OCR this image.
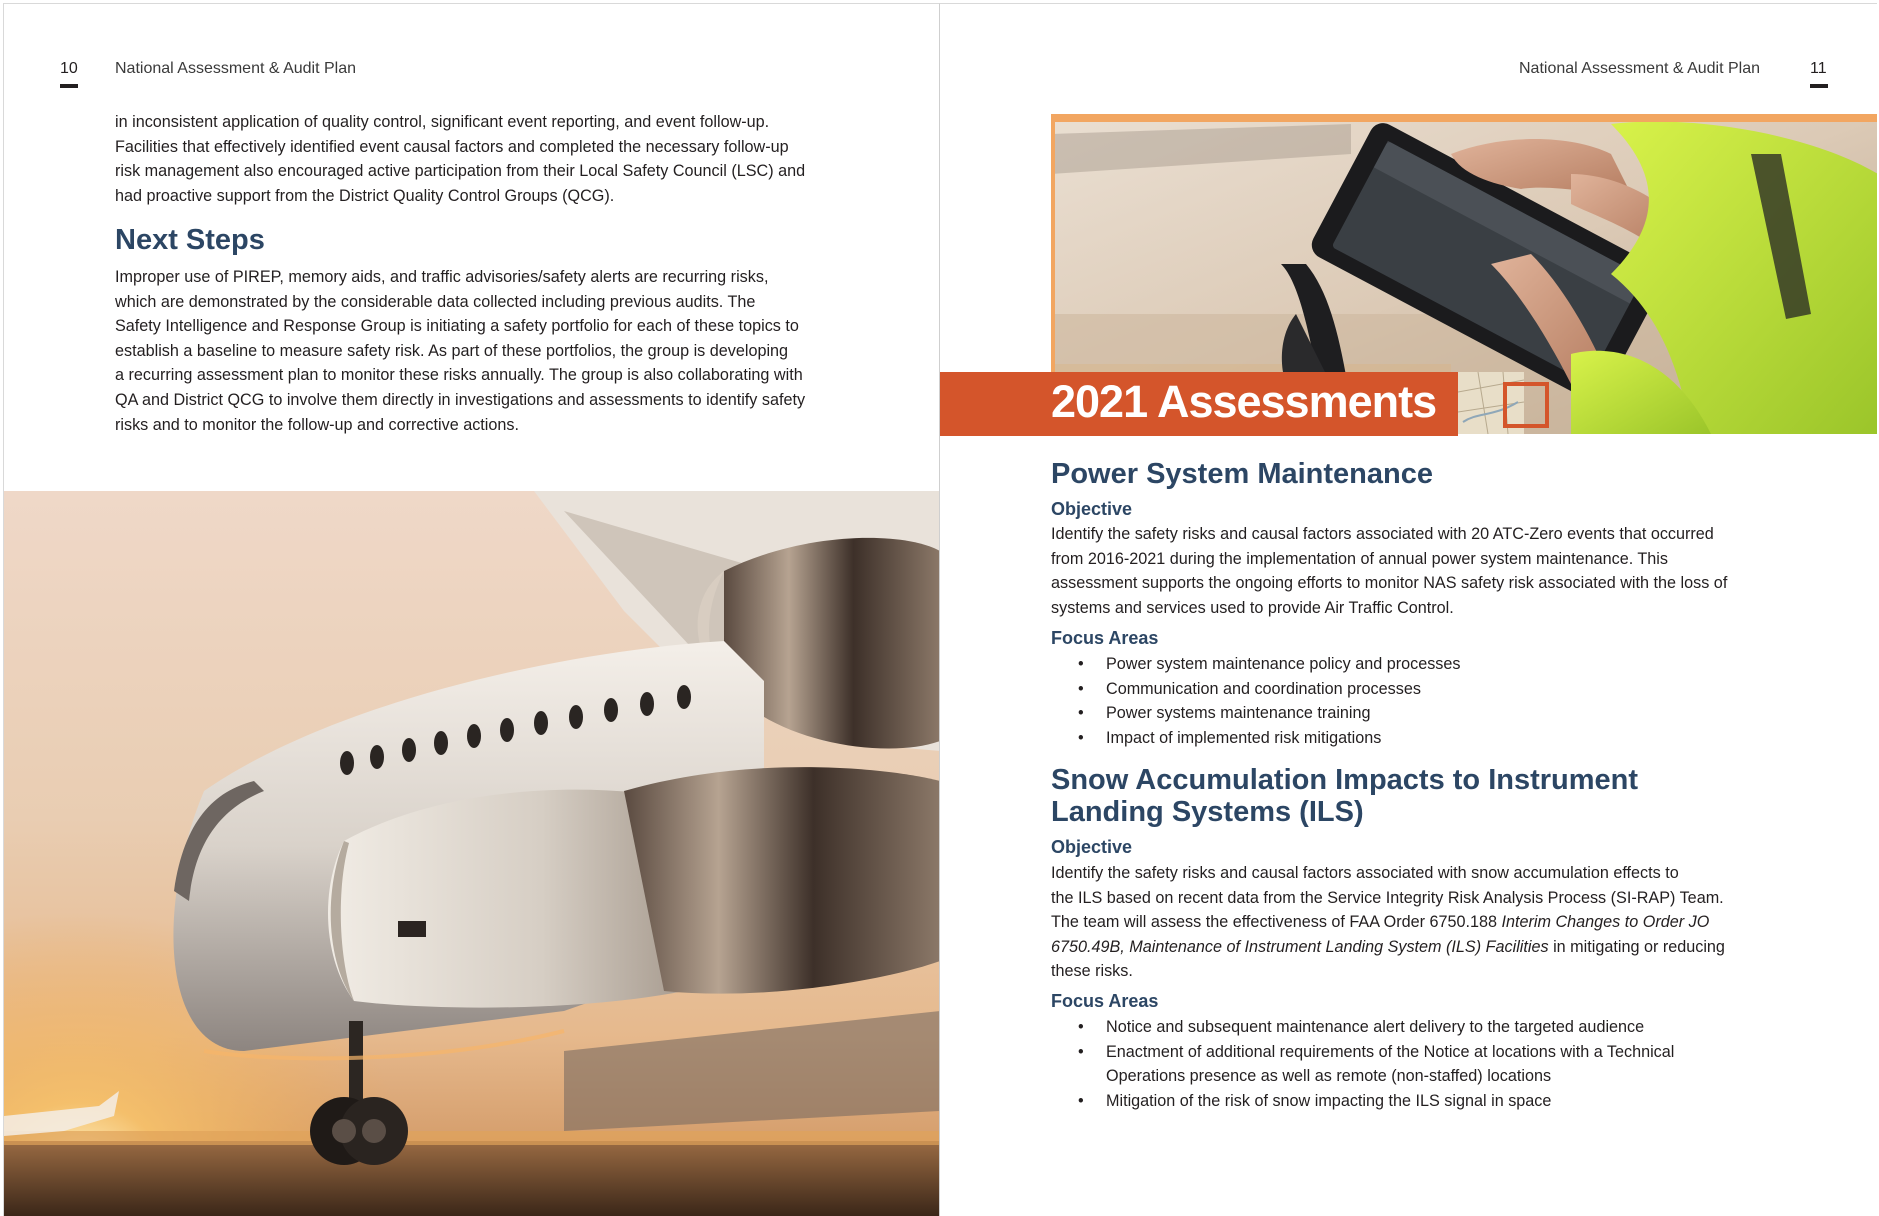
10 National Assessment & Audit Plan

in inconsistent application of quality control, significant event reporting, and event follow-up.

Facilities that effectively identified event causal factors and completed the necessary follow-up

risk management also encouraged active participation from their Local Safety Council (LSC) and

had proactive support from the District Quality Control Groups (QCG).

Next Steps

Improper use of PIREP, memory aids, and traffic advisories/safety alerts are recurring risks,

which are demonstrated by the considerable data collected including previous audits. The

Safety Intelligence and Response Group is initiating a safety portfolio for each of these topics to

establish a baseline to measure safety risk. As part of these portfolios, the group is developing

a recurring assessment plan to monitor these risks annually. The group is also collaborating with

QA and District QCG to involve them directly in investigations and assessments to identify safety

risks and to monitor the follow-up and corrective actions.

National Assessment & Audit Plan	11
2021 Assessments
Power System Maintenance
Objective

Identify the safety risks and causal factors associated with 20 ATC-Zero events that occurred

from 2016-2021 during the implementation of annual power system maintenance. This

assessment supports the ongoing efforts to monitor NAS safety risk associated with the loss of

systems and services used to provide Air Traffic Control.

Focus Areas
• Power system maintenance policy and processes
• Communication and coordination processes
• Power systems maintenance training
• Impact of implemented risk mitigations
Snow Accumulation Impacts to Instrument
Landing Systems (ILS)
Objective

Identify the safety risks and causal factors associated with snow accumulation effects to

the ILS based on recent data from the Service Integrity Risk Analysis Process (SI-RAP) Team.

The team will assess the effectiveness of FAA Order 6750.188 Interim Changes to Order JO

6750.49B, Maintenance of Instrument Landing System (ILS) Facilities in mitigating or reducing

these risks.

Focus Areas
• Notice and subsequent maintenance alert delivery to the targeted audience
• Enactment of additional requirements of the Notice at locations with a Technical
Operations presence as well as remote (non-staffed) locations
• Mitigation of the risk of snow impacting the ILS signal in space
